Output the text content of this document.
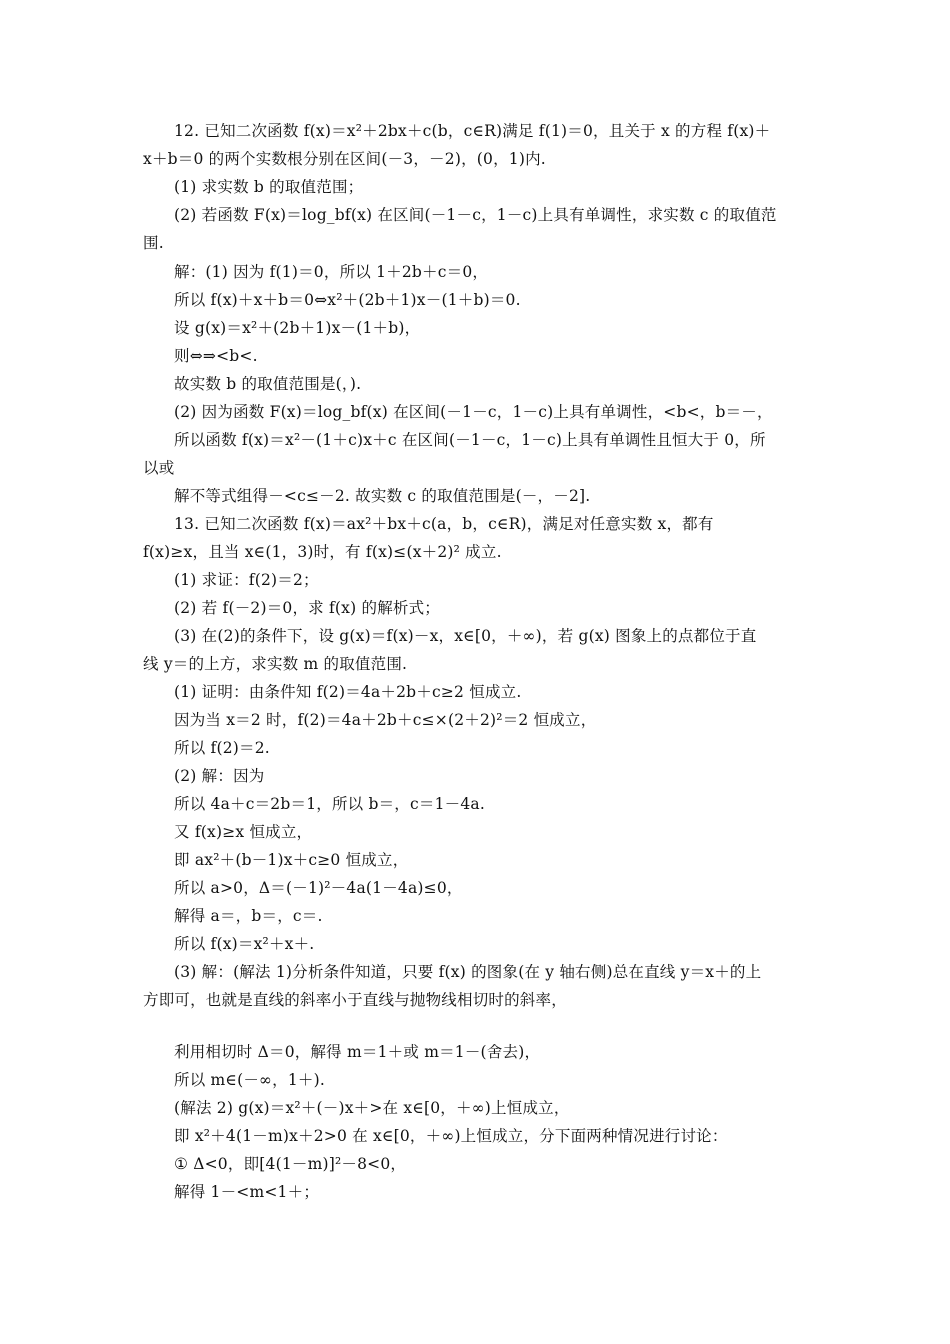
12. 已知二次函数 f(x)＝x²＋2bx＋c(b，c∈R)满足 f(1)＝0，且关于 x 的方程 f(x)＋
x＋b＝0 的两个实数根分别在区间(－3，－2)，(0，1)内.
(1) 求实数 b 的取值范围；
(2) 若函数 F(x)＝log_bf(x) 在区间(－1－c，1－c)上具有单调性，求实数 c 的取值范
围.
解：(1) 因为 f(1)＝0，所以 1＋2b＋c＝0，
所以 f(x)＋x＋b＝0⇔x²＋(2b＋1)x－(1＋b)＝0.
设 g(x)＝x²＋(2b＋1)x－(1＋b)，
则⇔⇒<b<.
故实数 b 的取值范围是(，).
(2) 因为函数 F(x)＝log_bf(x) 在区间(－1－c，1－c)上具有单调性，<b<，b＝－，
所以函数 f(x)＝x²－(1＋c)x＋c 在区间(－1－c，1－c)上具有单调性且恒大于 0，所
以或
解不等式组得－<c≤－2. 故实数 c 的取值范围是(－，－2].
13. 已知二次函数 f(x)＝ax²＋bx＋c(a，b，c∈R)，满足对任意实数 x，都有
f(x)≥x，且当 x∈(1，3)时，有 f(x)≤(x＋2)² 成立.
(1) 求证：f(2)＝2；
(2) 若 f(－2)＝0，求 f(x) 的解析式；
(3) 在(2)的条件下，设 g(x)＝f(x)－x，x∈[0，＋∞)，若 g(x) 图象上的点都位于直
线 y＝的上方，求实数 m 的取值范围.
(1) 证明：由条件知 f(2)＝4a＋2b＋c≥2 恒成立.
因为当 x＝2 时，f(2)＝4a＋2b＋c≤×(2＋2)²＝2 恒成立，
所以 f(2)＝2.
(2) 解：因为
所以 4a＋c＝2b＝1，所以 b＝，c＝1－4a.
又 f(x)≥x 恒成立，
即 ax²＋(b－1)x＋c≥0 恒成立，
所以 a>0，Δ＝(－1)²－4a(1－4a)≤0，
解得 a＝，b＝，c＝.
所以 f(x)＝x²＋x＋.
(3) 解：(解法 1)分析条件知道，只要 f(x) 的图象(在 y 轴右侧)总在直线 y＝x＋的上
方即可，也就是直线的斜率小于直线与抛物线相切时的斜率，
利用相切时 Δ＝0，解得 m＝1＋或 m＝1－(舍去)，
所以 m∈(－∞，1＋).
(解法 2) g(x)＝x²＋(－)x＋>在 x∈[0，＋∞)上恒成立，
即 x²＋4(1－m)x＋2>0 在 x∈[0，＋∞)上恒成立，分下面两种情况进行讨论：
① Δ<0，即[4(1－m)]²－8<0，
解得 1－<m<1＋；
